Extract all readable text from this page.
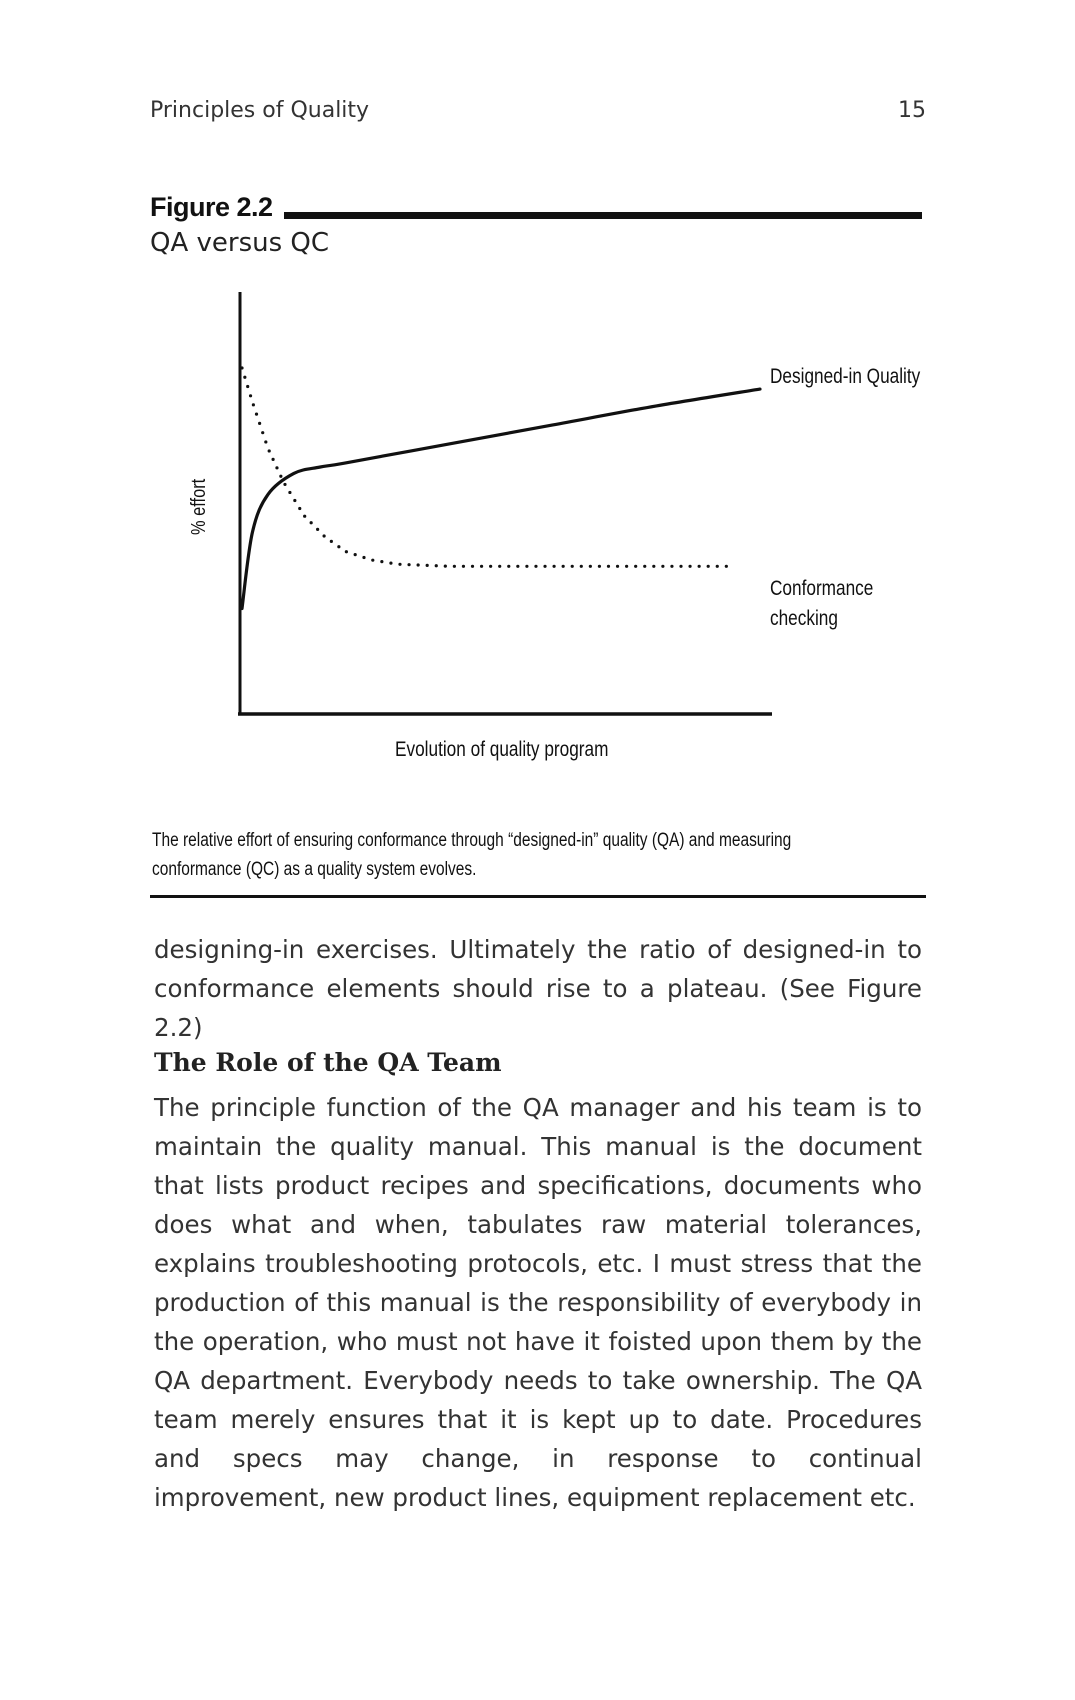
Principles of Quality	15
Figure 2.2
QA versus QC
Designed-in Quality
Conformance checking
Evolution of quality program
% effort
The relative effort of ensuring conformance through “designed-in” quality (QA) and measuring conformance (QC) as a quality system evolves.

designing-in exercises. Ultimately the ratio of designed-in to conformance elements should rise to a plateau. (See Figure 2.2)

The Role of the QA Team

The principle function of the QA manager and his team is to maintain the quality manual. This manual is the document that lists product recipes and specifications, documents who does what and when, tabulates raw material tolerances, explains troubleshooting protocols, etc. I must stress that the production of this manual is the responsibility of everybody in the operation, who must not have it foisted upon them by the QA department. Everybody needs to take ownership. The QA team merely ensures that it is kept up to date. Procedures and specs may change, in response to continual improvement, new product lines, equipment replacement etc.
